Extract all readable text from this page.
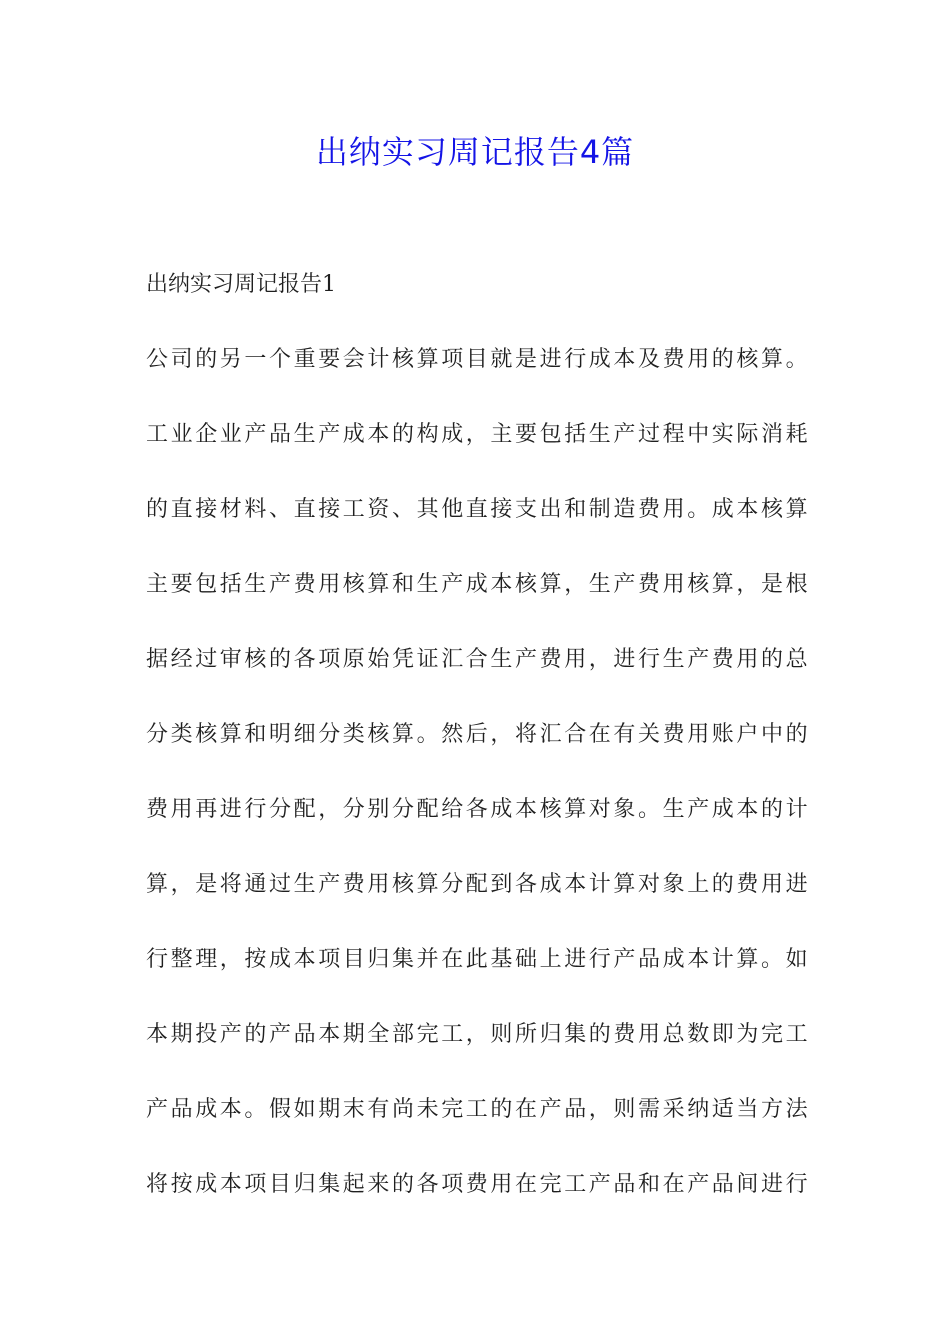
出纳实习周记报告4篇
出纳实习周记报告1
公司的另一个重要会计核算项目就是进行成本及费用的核算。
工业企业产品生产成本的构成，主要包括生产过程中实际消耗
的直接材料、直接工资、其他直接支出和制造费用。成本核算
主要包括生产费用核算和生产成本核算，生产费用核算，是根
据经过审核的各项原始凭证汇合生产费用，进行生产费用的总
分类核算和明细分类核算。然后，将汇合在有关费用账户中的
费用再进行分配，分别分配给各成本核算对象。生产成本的计
算，是将通过生产费用核算分配到各成本计算对象上的费用进
行整理，按成本项目归集并在此基础上进行产品成本计算。如
本期投产的产品本期全部完工，则所归集的费用总数即为完工
产品成本。假如期末有尚未完工的在产品，则需采纳适当方法
将按成本项目归集起来的各项费用在完工产品和在产品间进行
